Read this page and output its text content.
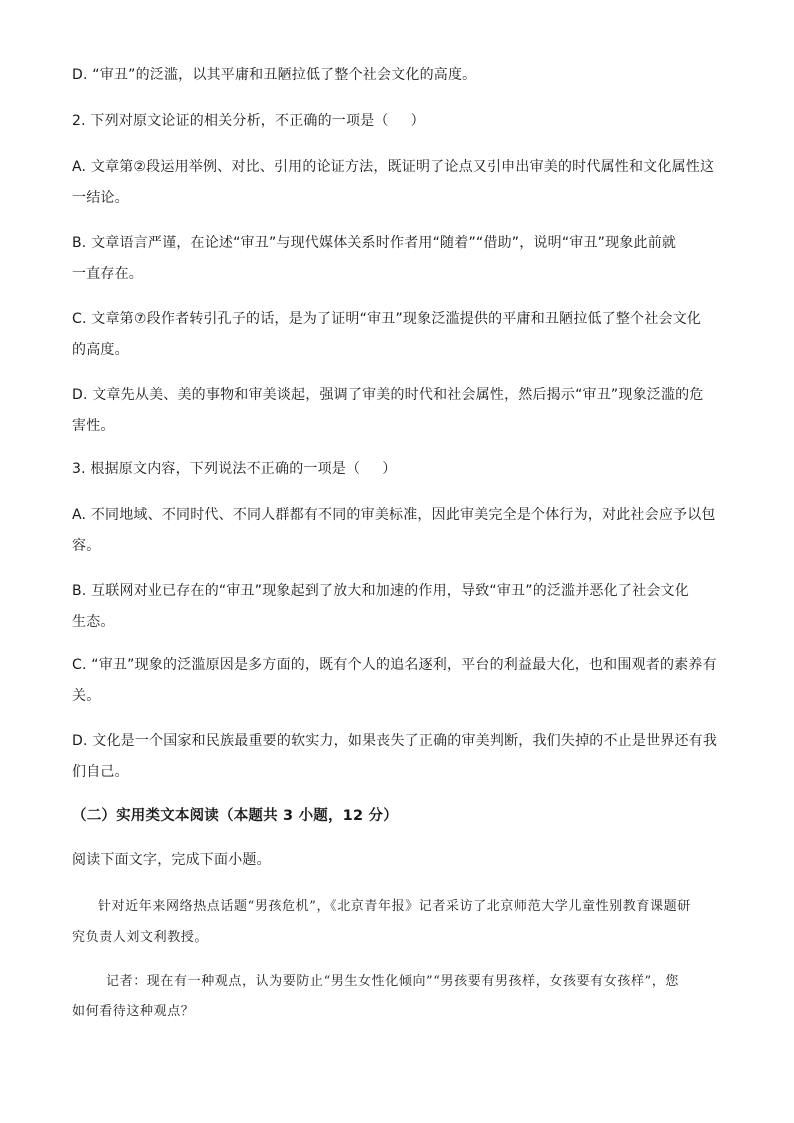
D. “审丑”的泛滥，以其平庸和丑陋拉低了整个社会文化的高度。
2. 下列对原文论证的相关分析，不正确的一项是（ ）
A. 文章第②段运用举例、对比、引用的论证方法，既证明了论点又引申出审美的时代属性和文化属性这
一结论。
B. 文章语言严谨，在论述“审丑”与现代媒体关系时作者用“随着”“借助”，说明“审丑”现象此前就
一直存在。
C. 文章第⑦段作者转引孔子的话，是为了证明“审丑”现象泛滥提供的平庸和丑陋拉低了整个社会文化
的高度。
D. 文章先从美、美的事物和审美谈起，强调了审美的时代和社会属性，然后揭示“审丑”现象泛滥的危
害性。
3. 根据原文内容，下列说法不正确的一项是（ ）
A. 不同地域、不同时代、不同人群都有不同的审美标准，因此审美完全是个体行为，对此社会应予以包
容。
B. 互联网对业已存在的“审丑”现象起到了放大和加速的作用，导致“审丑”的泛滥并恶化了社会文化
生态。
C. “审丑”现象的泛滥原因是多方面的，既有个人的追名逐利，平台的利益最大化，也和围观者的素养有
关。
D. 文化是一个国家和民族最重要的软实力，如果丧失了正确的审美判断，我们失掉的不止是世界还有我
们自己。
（二）实用类文本阅读（本题共 3 小题，12 分）
阅读下面文字，完成下面小题。
针对近年来网络热点话题“男孩危机”，《北京青年报》记者采访了北京师范大学儿童性别教育课题研
究负责人刘文利教授。
记者：现在有一种观点，认为要防止“男生女性化倾向”“男孩要有男孩样，女孩要有女孩样”，您
如何看待这种观点？
